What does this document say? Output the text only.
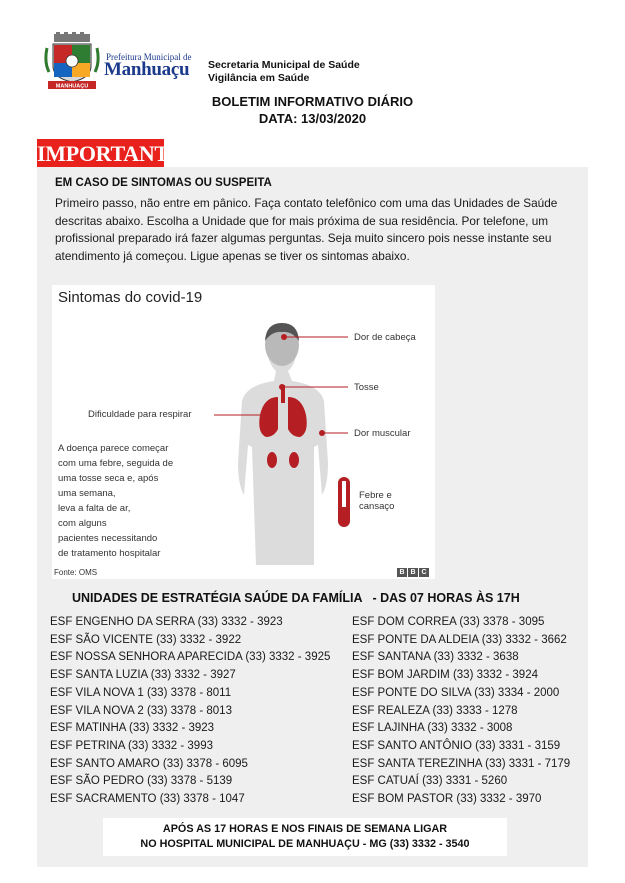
MANHUAÇU
Prefeitura Municipal de
Manhuaçu Secretaria Municipal de Saúde
Vigilância em Saúde
BOLETIM INFORMATIVO DIÁRIO
DATA: 13/03/2020
IMPORTANTE
EM CASO DE SINTOMAS OU SUSPEITA
Primeiro passo, não entre em pânico. Faça contato telefônico com uma das Unidades de Saúde descritas abaixo. Escolha a Unidade que for mais próxima de sua residência. Por telefone, um profissional preparado irá fazer algumas perguntas. Seja muito sincero pois nesse instante seu atendimento já começou. Ligue apenas se tiver os sintomas abaixo.
Sintomas do covid-19
Dor de cabeça
Tosse
Dificuldade para respirar
Dor muscular
Febre e
cansaço
A doença parece começar
com uma febre, seguida de
uma tosse seca e, após
uma semana,
leva a falta de ar,
com alguns
pacientes necessitando
de tratamento hospitalar
Fonte: OMS	B B C
UNIDADES DE ESTRATÉGIA SAÚDE DA FAMÍLIA   - DAS 07 HORAS ÀS 17H
ESF ENGENHO DA SERRA (33) 3332 - 3923
ESF SÃO VICENTE (33) 3332 - 3922
ESF NOSSA SENHORA APARECIDA (33) 3332 - 3925
ESF SANTA LUZIA (33) 3332 - 3927
ESF VILA NOVA 1 (33) 3378 - 8011
ESF VILA NOVA 2 (33) 3378 - 8013
ESF MATINHA (33) 3332 - 3923
ESF PETRINA (33) 3332 - 3993
ESF SANTO AMARO (33) 3378 - 6095
ESF SÃO PEDRO (33) 3378 - 5139
ESF SACRAMENTO (33) 3378 - 1047
ESF DOM CORREA (33) 3378 - 3095
ESF PONTE DA ALDEIA (33) 3332 - 3662
ESF SANTANA (33) 3332 - 3638
ESF BOM JARDIM (33) 3332 - 3924
ESF PONTE DO SILVA (33) 3334 - 2000
ESF REALEZA (33) 3333 - 1278
ESF LAJINHA (33) 3332 - 3008
ESF SANTO ANTÔNIO (33) 3331 - 3159
ESF SANTA TEREZINHA (33) 3331 - 7179
ESF CATUAÍ (33) 3331 - 5260
ESF BOM PASTOR (33) 3332 - 3970
APÓS AS 17 HORAS E NOS FINAIS DE SEMANA LIGAR
NO HOSPITAL MUNICIPAL DE MANHUAÇU - MG (33) 3332 - 3540
